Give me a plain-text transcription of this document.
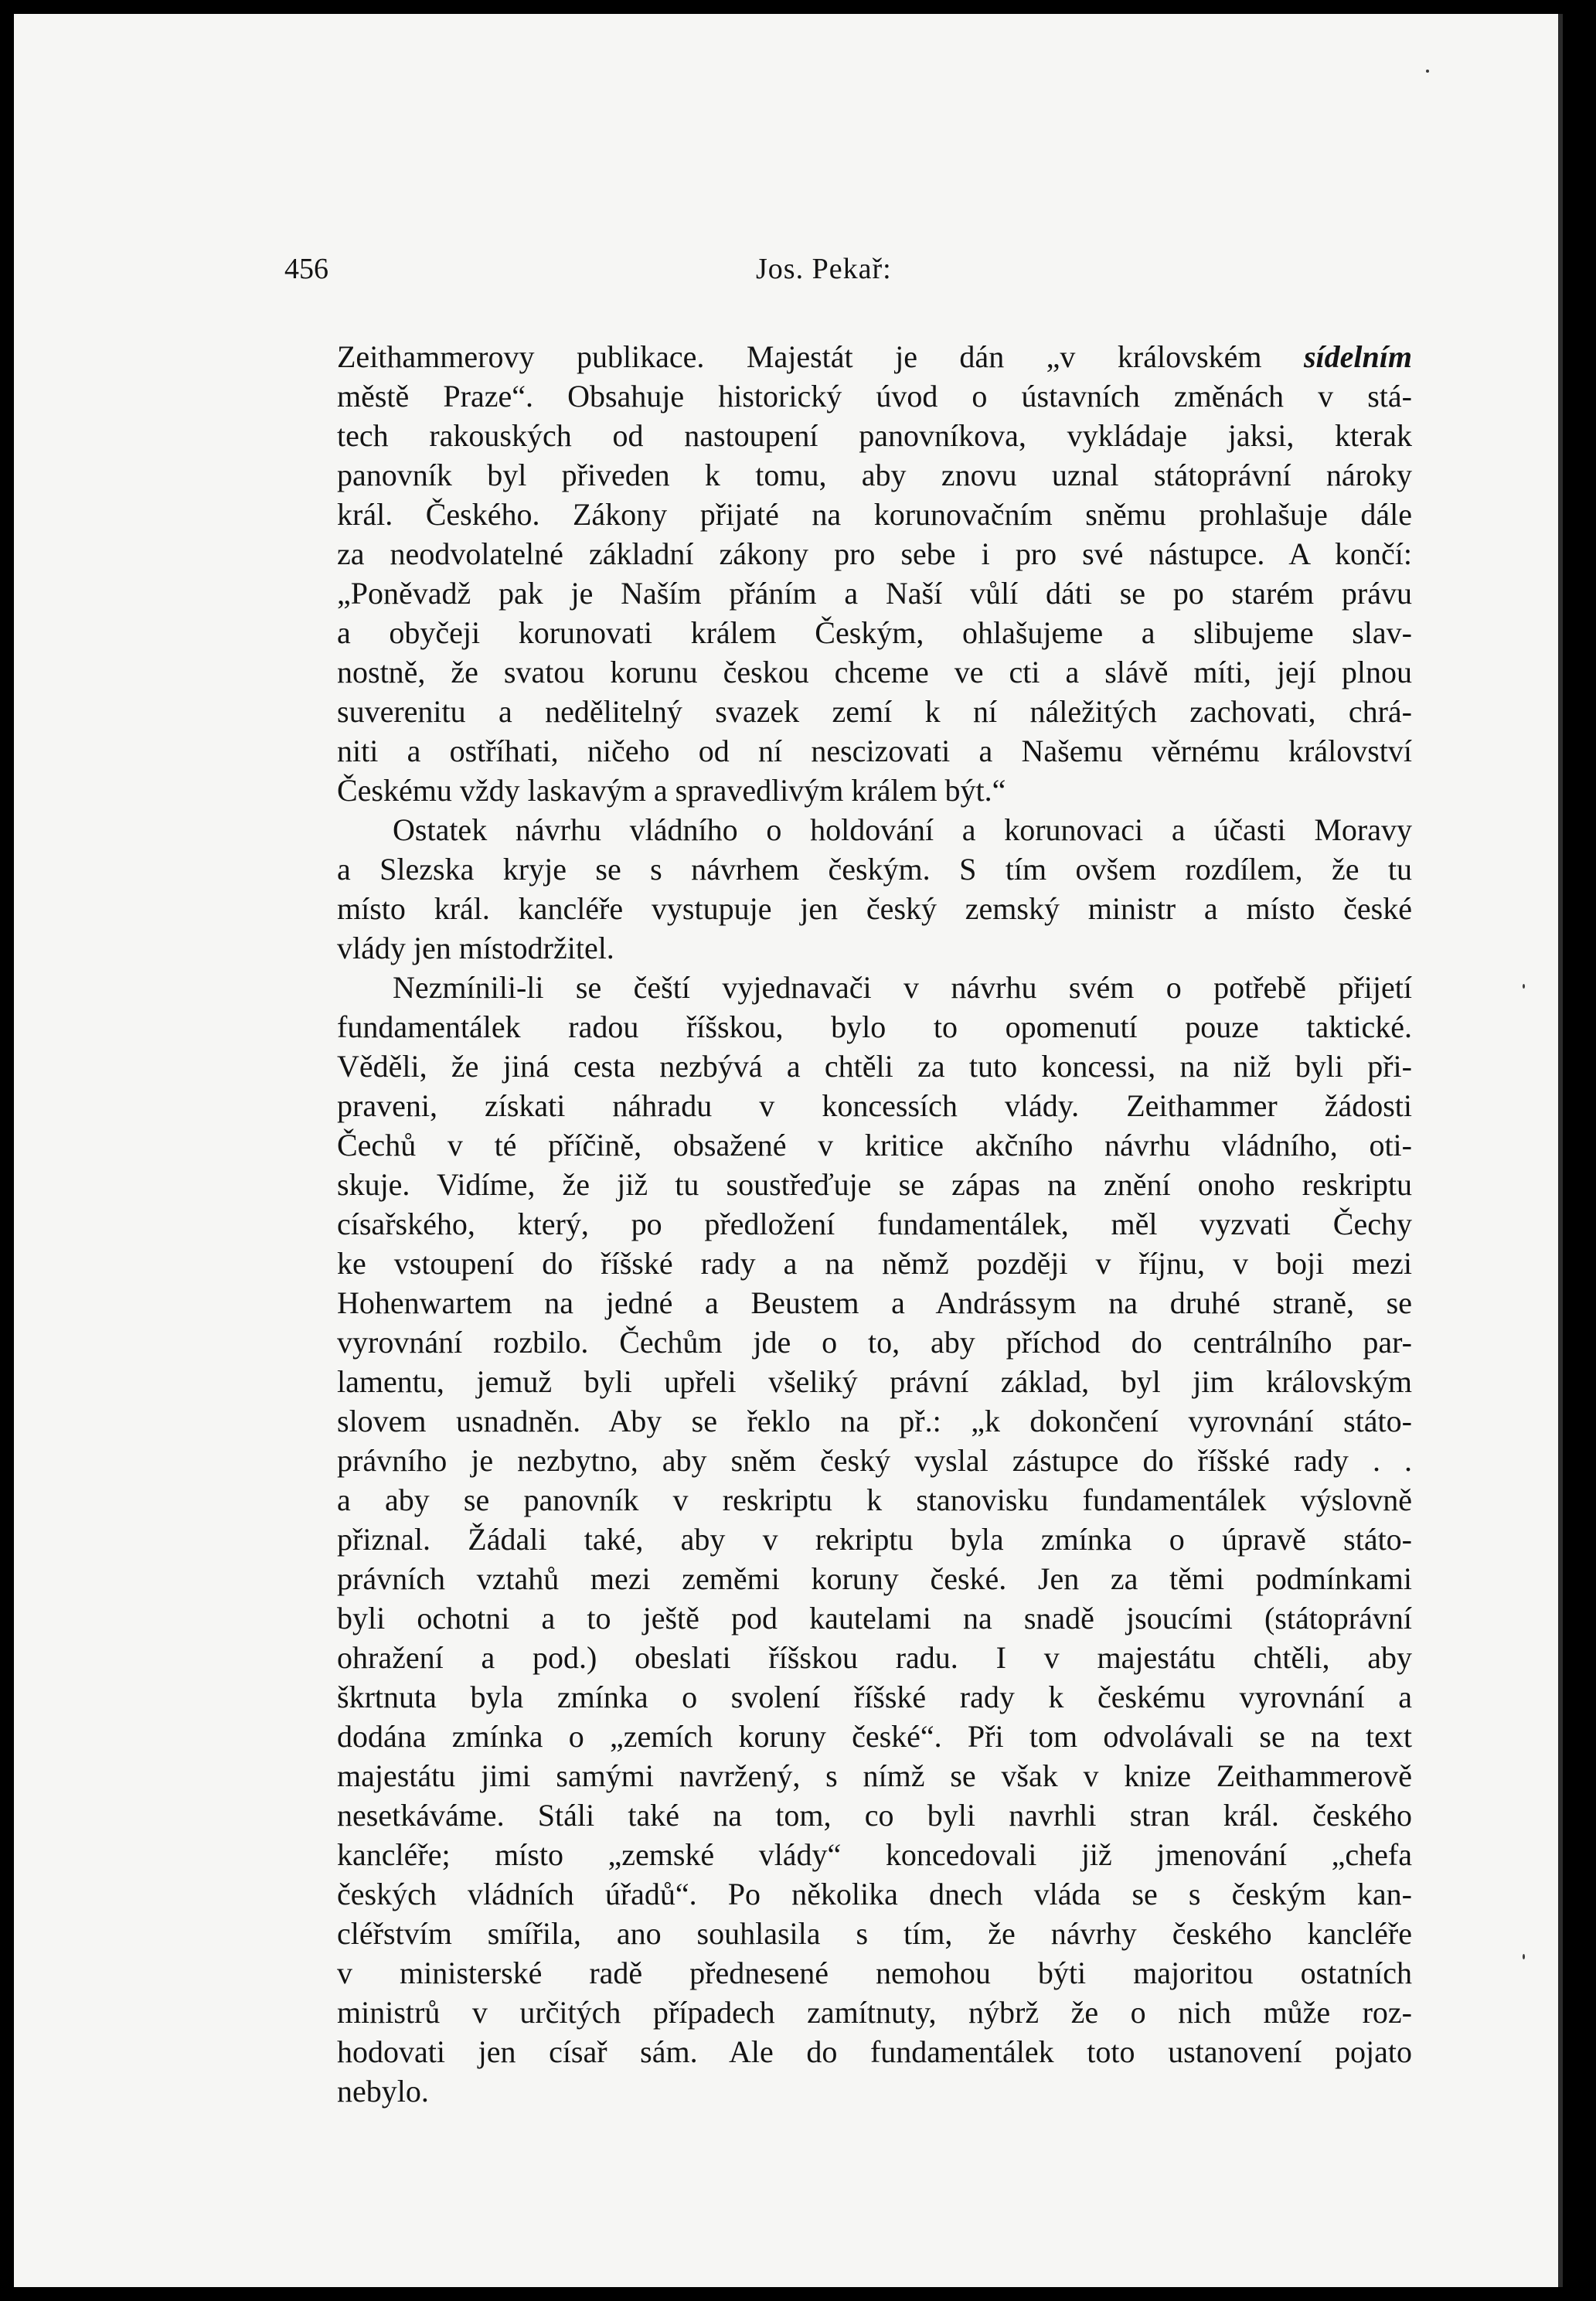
456	Jos. Pekař:
Zeithammerovy publikace. Majestát je dán „v královském sídelním
městě Praze“. Obsahuje historický úvod o ústavních změnách v stá-
tech rakouských od nastoupení panovníkova, vykládaje jaksi, kterak
panovník byl přiveden k tomu, aby znovu uznal státoprávní nároky
král. Českého. Zákony přijaté na korunovačním sněmu prohlašuje dále
za neodvolatelné základní zákony pro sebe i pro své nástupce. A končí:
„Poněvadž pak je Naším přáním a Naší vůlí dáti se po starém právu
a obyčeji korunovati králem Českým, ohlašujeme a slibujeme slav-
nostně, že svatou korunu českou chceme ve cti a slávě míti, její plnou
suverenitu a nedělitelný svazek zemí k ní náležitých zachovati, chrá-
niti a ostříhati, ničeho od ní nescizovati a Našemu věrnému království
Českému vždy laskavým a spravedlivým králem být.“
Ostatek návrhu vládního o holdování a korunovaci a účasti Moravy
a Slezska kryje se s návrhem českým. S tím ovšem rozdílem, že tu
místo král. kancléře vystupuje jen český zemský ministr a místo české
vlády jen místodržitel.
Nezmínili-li se čeští vyjednavači v návrhu svém o potřebě přijetí
fundamentálek radou říšskou, bylo to opomenutí pouze taktické.
Věděli, že jiná cesta nezbývá a chtěli za tuto koncessi, na niž byli při-
praveni, získati náhradu v koncessích vlády. Zeithammer žádosti
Čechů v té příčině, obsažené v kritice akčního návrhu vládního, oti-
skuje. Vidíme, že již tu soustřeďuje se zápas na znění onoho reskriptu
císařského, který, po předložení fundamentálek, měl vyzvati Čechy
ke vstoupení do říšské rady a na němž později v říjnu, v boji mezi
Hohenwartem na jedné a Beustem a Andrássym na druhé straně, se
vyrovnání rozbilo. Čechům jde o to, aby příchod do centrálního par-
lamentu, jemuž byli upřeli všeliký právní základ, byl jim královským
slovem usnadněn. Aby se řeklo na př.: „k dokončení vyrovnání státo-
právního je nezbytno, aby sněm český vyslal zástupce do říšské rady . .
a aby se panovník v reskriptu k stanovisku fundamentálek výslovně
přiznal. Žádali také, aby v rekriptu byla zmínka o úpravě státo-
právních vztahů mezi zeměmi koruny české. Jen za těmi podmínkami
byli ochotni a to ještě pod kautelami na snadě jsoucími (státoprávní
ohražení a pod.) obeslati říšskou radu. I v majestátu chtěli, aby
škrtnuta byla zmínka o svolení říšské rady k českému vyrovnání a
dodána zmínka o „zemích koruny české“. Při tom odvolávali se na text
majestátu jimi samými navržený, s nímž se však v knize Zeithammerově
nesetkáváme. Stáli také na tom, co byli navrhli stran král. českého
kancléře; místo „zemské vlády“ koncedovali již jmenování „chefa
českých vládních úřadů“. Po několika dnech vláda se s českým kan-
cléřstvím smířila, ano souhlasila s tím, že návrhy českého kancléře
v ministerské radě přednesené nemohou býti majoritou ostatních
ministrů v určitých případech zamítnuty, nýbrž že o nich může roz-
hodovati jen císař sám. Ale do fundamentálek toto ustanovení pojato
nebylo.
